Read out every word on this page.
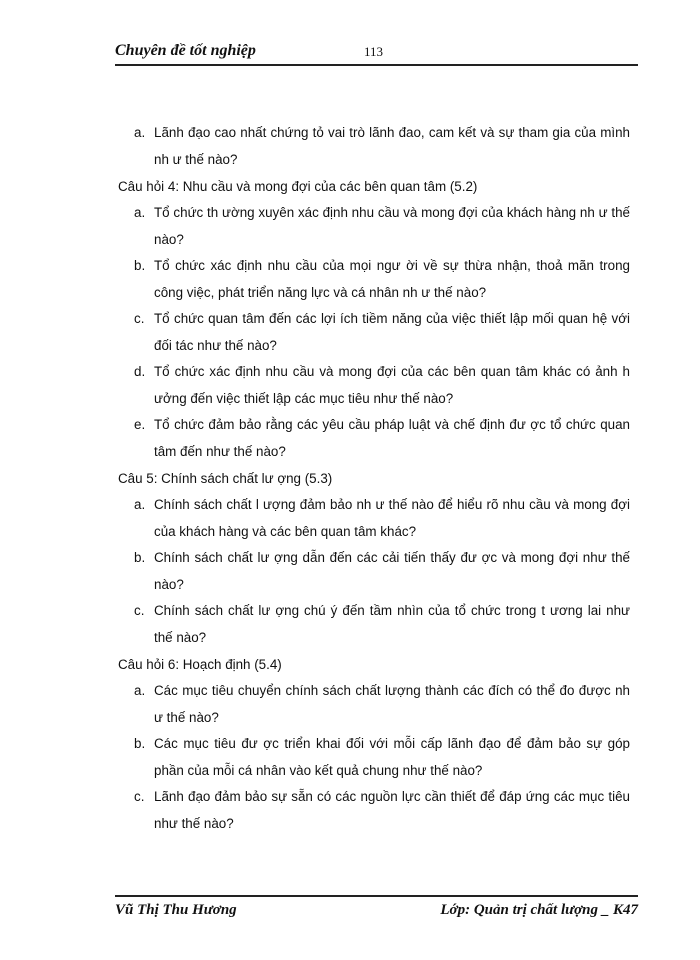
Chuyên đề tốt nghiệp	113
a. Lãnh đạo cao nhất chứng tỏ vai trò lãnh đao, cam kết và sự tham gia của mình nh ư thế nào?
Câu hỏi 4: Nhu cầu và mong đợi của các bên quan tâm (5.2)
a. Tổ chức th ường xuyên xác định nhu cầu và mong đợi của khách hàng nh ư thế nào?
b. Tổ chức xác định nhu cầu của mọi ngư ời về sự thừa nhận, thoả mãn trong công việc, phát triển năng lực và cá nhân nh ư thế nào?
c. Tổ chức quan tâm đến các lợi ích tiềm năng của việc thiết lập mối quan hệ với đối tác như thế nào?
d. Tổ chức xác định nhu cầu và mong đợi của các bên quan tâm khác có ảnh h ưởng đến việc thiết lập các mục tiêu như thế nào?
e. Tổ chức đảm bảo rằng các yêu cầu pháp luật và chế định đư ợc tổ chức quan tâm đến như thế nào?
Câu 5: Chính sách chất lư ợng (5.3)
a. Chính sách chất l ượng đảm bảo nh ư thế nào để hiểu rõ nhu cầu và mong đợi của khách hàng và các bên quan tâm khác?
b. Chính sách chất lư ợng dẫn đến các cải tiến thấy đư ợc và mong đợi như thế nào?
c. Chính sách chất lư ợng chú ý đến tầm nhìn của tổ chức trong t ương lai như thế nào?
Câu hỏi 6: Hoạch định (5.4)
a. Các mục tiêu chuyển chính sách chất lượng thành các đích có thể đo được nh ư thế nào?
b. Các mục tiêu đư ợc triển khai đối với mỗi cấp lãnh đạo để đảm bảo sự góp phần của mỗi cá nhân vào kết quả chung như thế nào?
c. Lãnh đạo đảm bảo sự sẵn có các nguồn lực cần thiết để đáp ứng các mục tiêu như thế nào?
Vũ Thị Thu Hương	Lớp: Quản trị chất lượng _ K47
